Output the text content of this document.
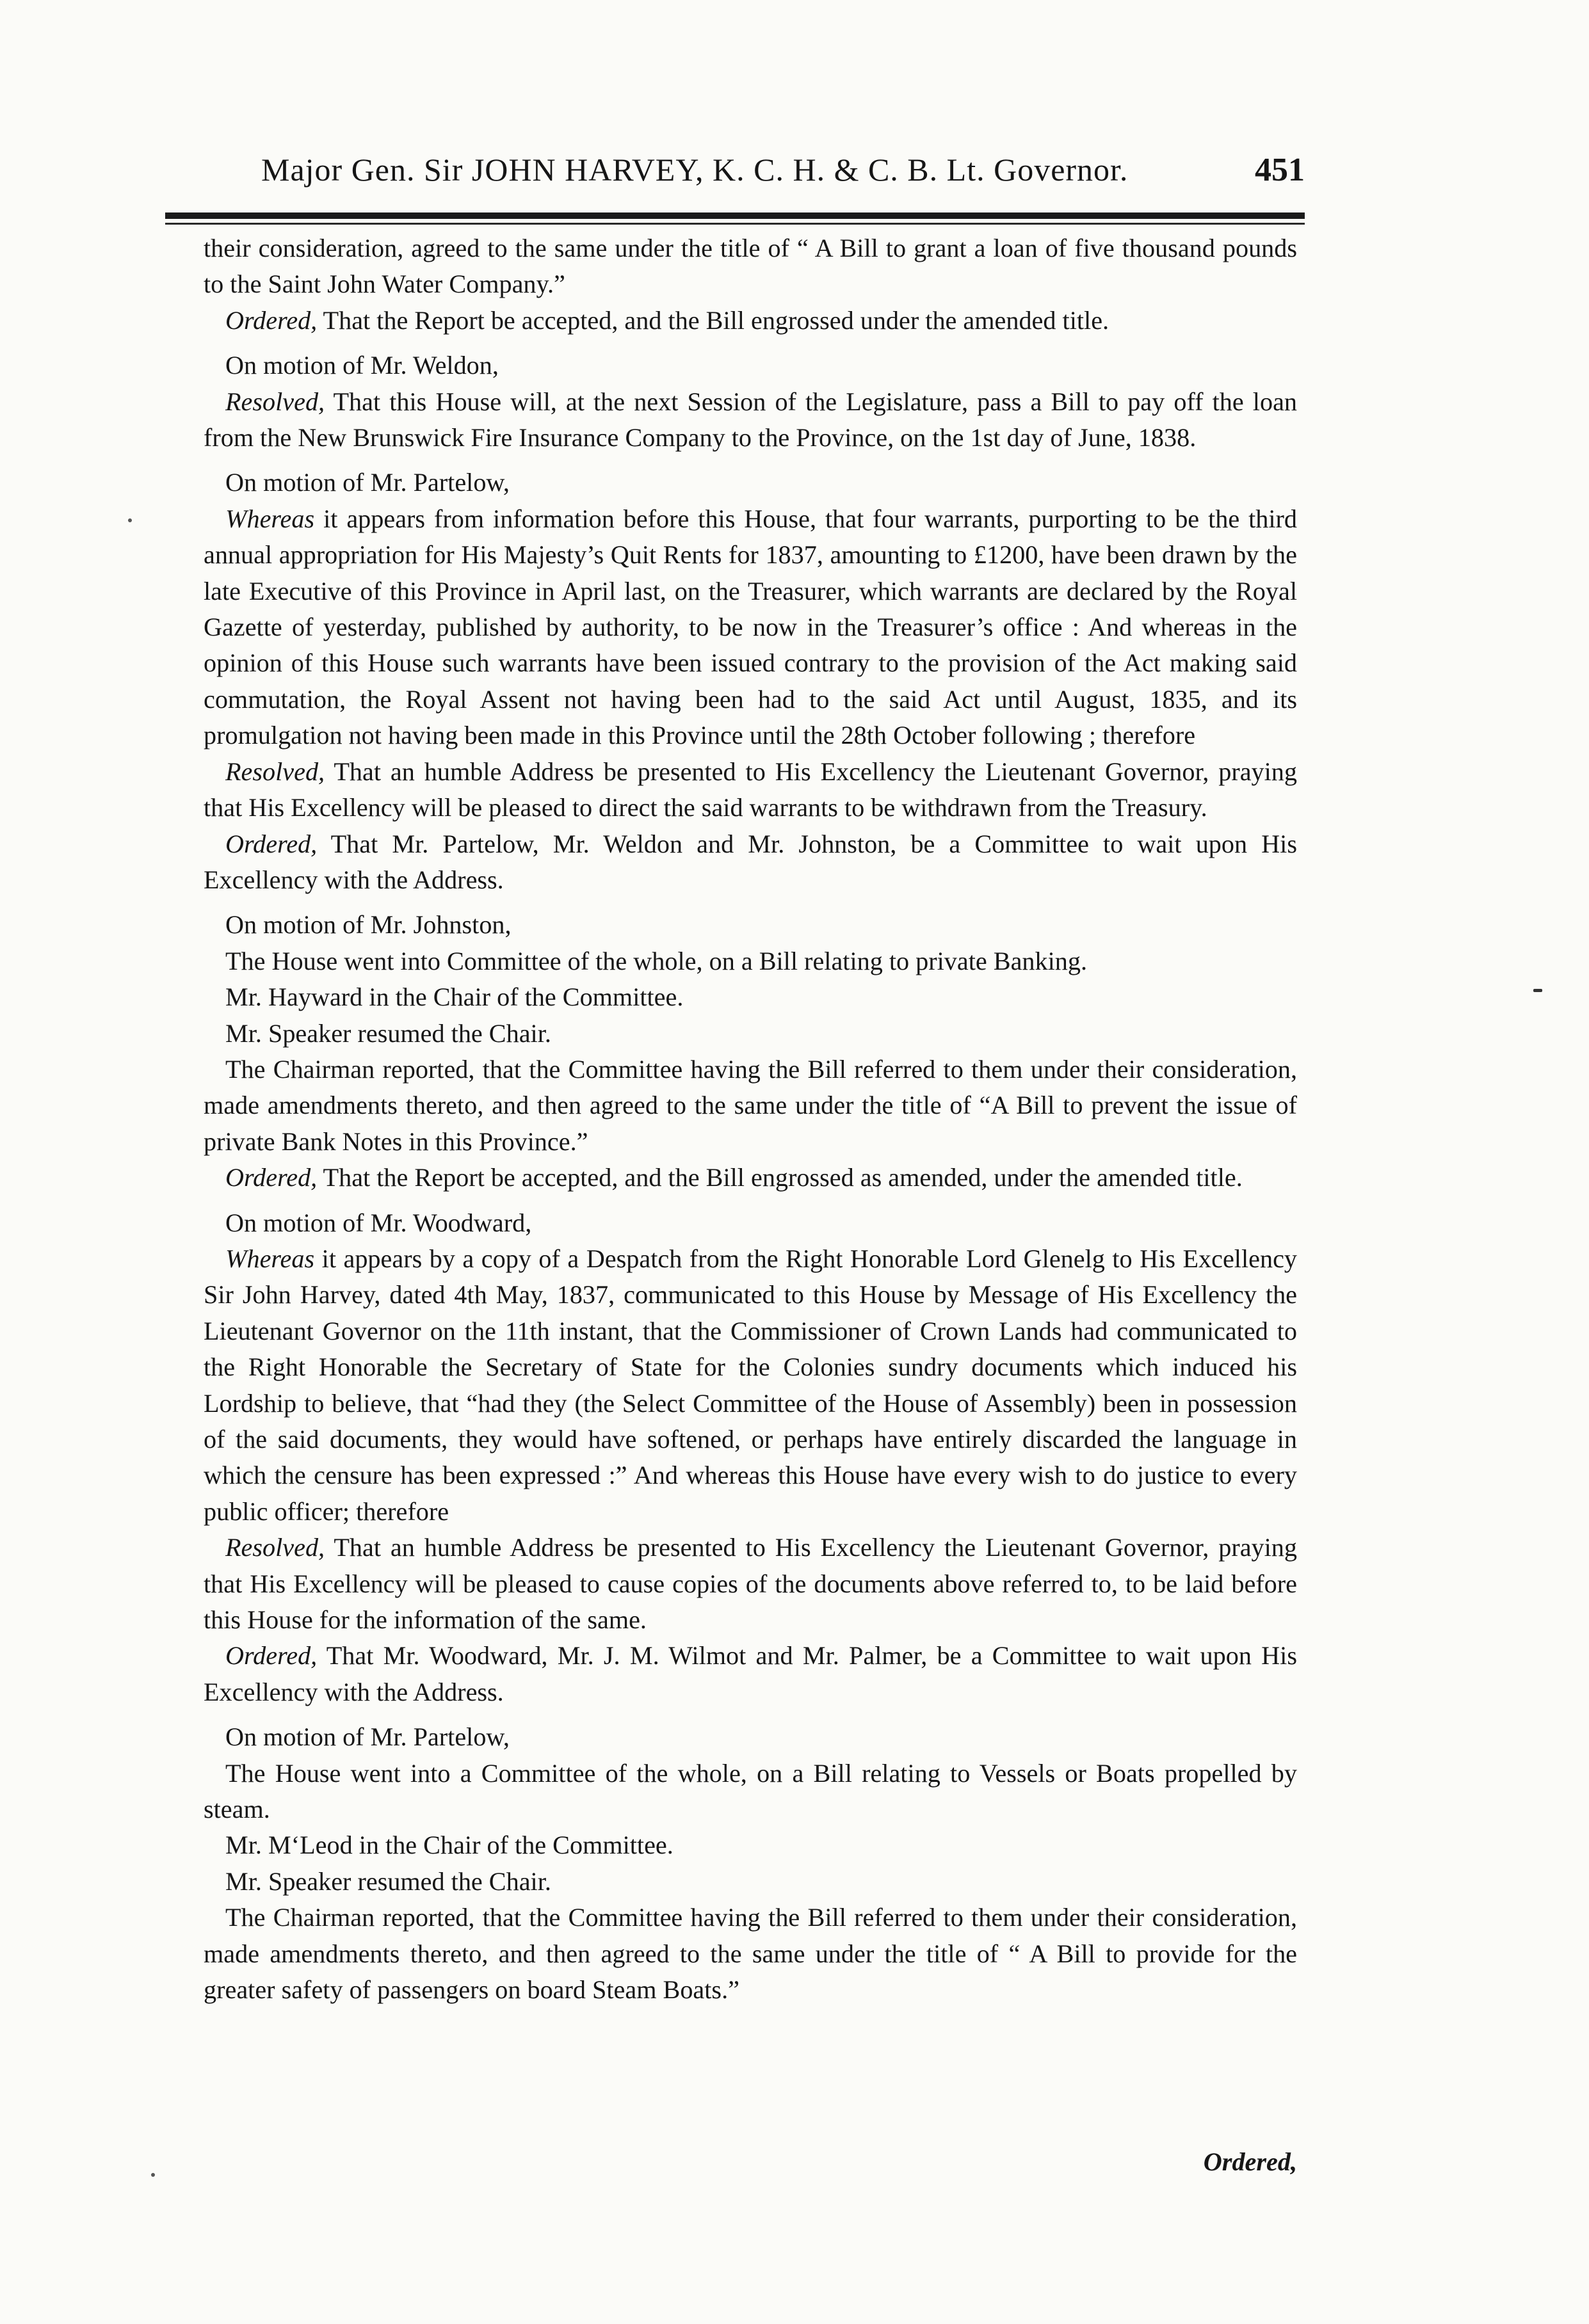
Major Gen. Sir JOHN HARVEY, K. C. H. & C. B. Lt. Governor.	451

their consideration, agreed to the same under the title of “ A Bill to grant a loan of five thousand pounds to the Saint John Water Company.”

Ordered, That the Report be accepted, and the Bill engrossed under the amended title.

On motion of Mr. Weldon,

Resolved, That this House will, at the next Session of the Legislature, pass a Bill to pay off the loan from the New Brunswick Fire Insurance Company to the Province, on the 1st day of June, 1838.

On motion of Mr. Partelow,

Whereas it appears from information before this House, that four warrants, purporting to be the third annual appropriation for His Majesty’s Quit Rents for 1837, amounting to £1200, have been drawn by the late Executive of this Province in April last, on the Treasurer, which warrants are declared by the Royal Gazette of yesterday, published by authority, to be now in the Treasurer’s office : And whereas in the opinion of this House such warrants have been issued contrary to the provision of the Act making said commutation, the Royal Assent not having been had to the said Act until August, 1835, and its promulgation not having been made in this Province until the 28th October following ; therefore

Resolved, That an humble Address be presented to His Excellency the Lieutenant Governor, praying that His Excellency will be pleased to direct the said warrants to be withdrawn from the Treasury.

Ordered, That Mr. Partelow, Mr. Weldon and Mr. Johnston, be a Committee to wait upon His Excellency with the Address.

On motion of Mr. Johnston,

The House went into Committee of the whole, on a Bill relating to private Banking.

Mr. Hayward in the Chair of the Committee.

Mr. Speaker resumed the Chair.

The Chairman reported, that the Committee having the Bill referred to them under their consideration, made amendments thereto, and then agreed to the same under the title of “A Bill to prevent the issue of private Bank Notes in this Province.”

Ordered, That the Report be accepted, and the Bill engrossed as amended, under the amended title.

On motion of Mr. Woodward,

Whereas it appears by a copy of a Despatch from the Right Honorable Lord Glenelg to His Excellency Sir John Harvey, dated 4th May, 1837, communicated to this House by Message of His Excellency the Lieutenant Governor on the 11th instant, that the Commissioner of Crown Lands had communicated to the Right Honorable the Secretary of State for the Colonies sundry documents which induced his Lordship to believe, that “had they (the Select Committee of the House of Assembly) been in possession of the said documents, they would have softened, or perhaps have entirely discarded the language in which the censure has been expressed :” And whereas this House have every wish to do justice to every public officer; therefore

Resolved, That an humble Address be presented to His Excellency the Lieutenant Governor, praying that His Excellency will be pleased to cause copies of the documents above referred to, to be laid before this House for the information of the same.

Ordered, That Mr. Woodward, Mr. J. M. Wilmot and Mr. Palmer, be a Committee to wait upon His Excellency with the Address.

On motion of Mr. Partelow,

The House went into a Committee of the whole, on a Bill relating to Vessels or Boats propelled by steam.

Mr. M‘Leod in the Chair of the Committee.

Mr. Speaker resumed the Chair.

The Chairman reported, that the Committee having the Bill referred to them under their consideration, made amendments thereto, and then agreed to the same under the title of “ A Bill to provide for the greater safety of passengers on board Steam Boats.”

Ordered,
